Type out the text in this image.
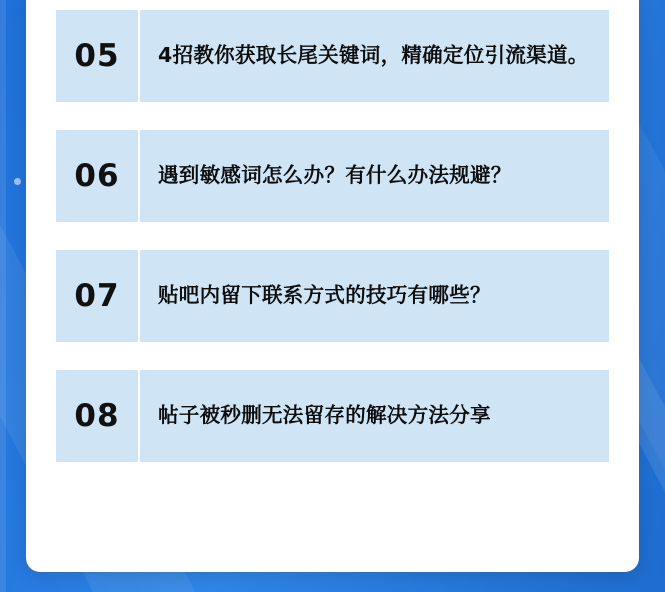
05	4招教你获取长尾关键词，精确定位引流渠道。
06	遇到敏感词怎么办？有什么办法规避？
07	贴吧内留下联系方式的技巧有哪些？
08	帖子被秒删无法留存的解决方法分享
